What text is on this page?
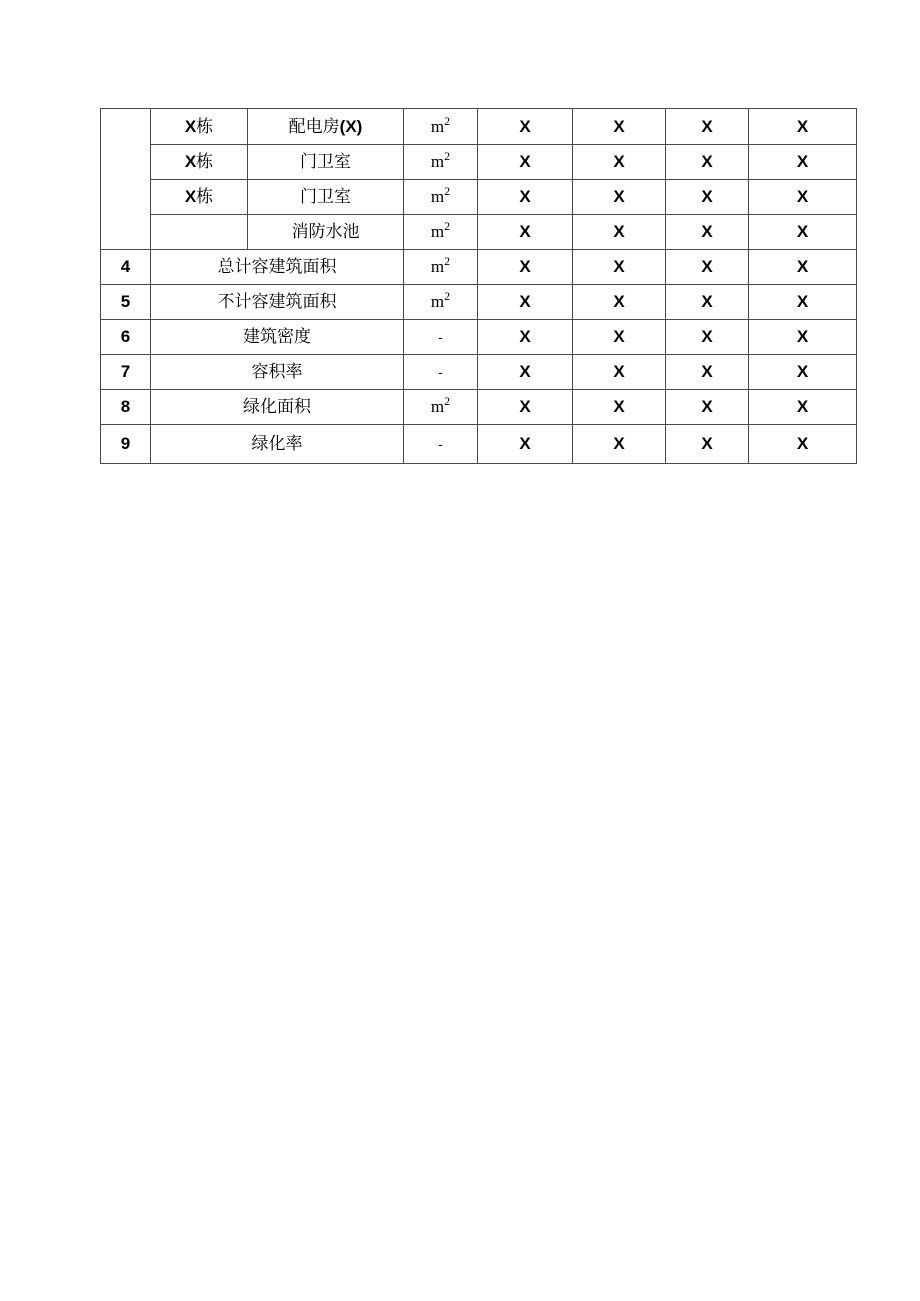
	X栋	配电房(X)	$m^2$	X	X	X	X
	X栋	门卫室	$m^2$	X	X	X	X
	X栋	门卫室	$m^2$	X	X	X	X
		消防水池	$m^2$	X	X	X	X
4	总计容建筑面积		$m^2$	X	X	X	X
5	不计容建筑面积		$m^2$	X	X	X	X
6	建筑密度		-	X	X	X	X
7	容积率		-	X	X	X	X
8	绿化面积		$m^2$	X	X	X	X
9	绿化率		-	X	X	X	X
